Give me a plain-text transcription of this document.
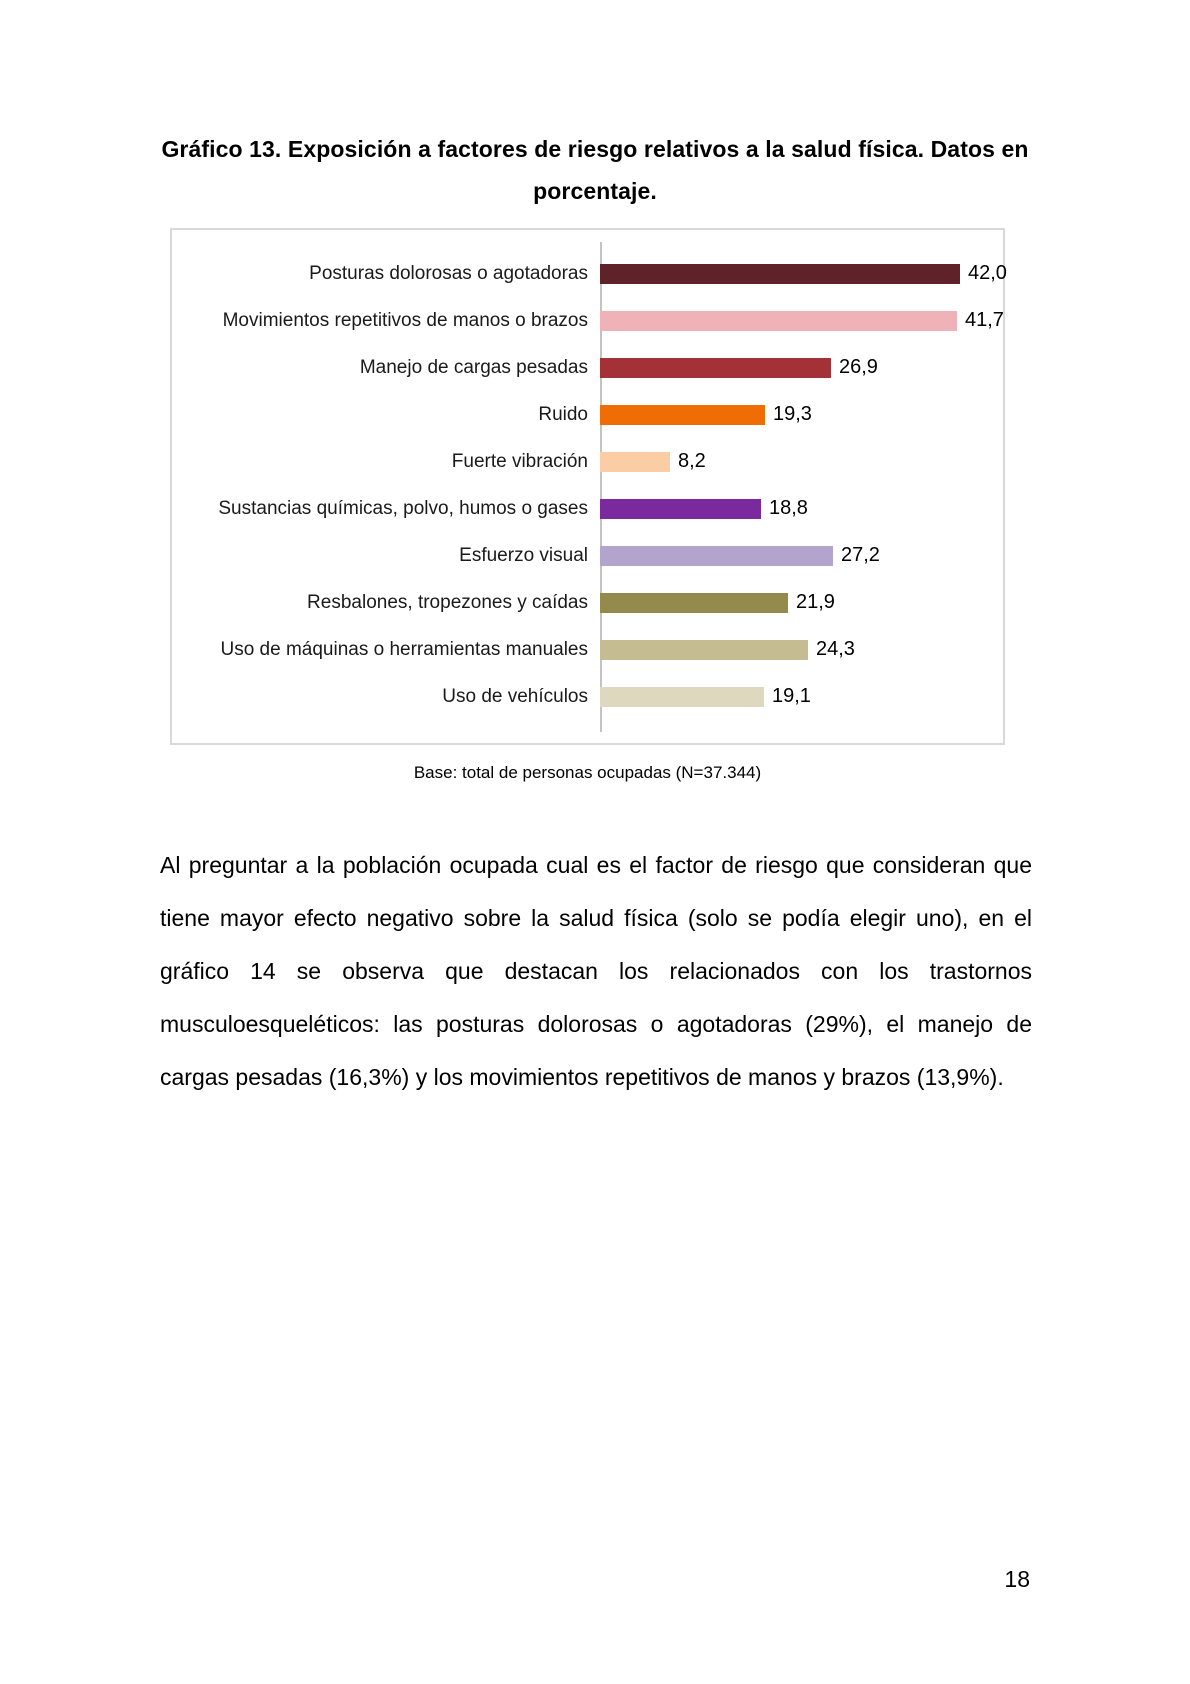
Gráfico 13. Exposición a factores de riesgo relativos a la salud física. Datos en
porcentaje.
Posturas dolorosas o agotadoras	42,0
Movimientos repetitivos de manos o brazos	41,7
Manejo de cargas pesadas	26,9
Ruido	19,3
Fuerte vibración	8,2
Sustancias químicas, polvo, humos o gases	18,8
Esfuerzo visual	27,2
Resbalones, tropezones y caídas	21,9
Uso de máquinas o herramientas manuales	24,3
Uso de vehículos	19,1
Base: total de personas ocupadas (N=37.344)

Al preguntar a la población ocupada cual es el factor de riesgo que consideran que tiene mayor efecto negativo sobre la salud física (solo se podía elegir uno), en el gráfico 14 se observa que destacan los relacionados con los trastornos musculoesqueléticos: las posturas dolorosas o agotadoras (29%), el manejo de cargas pesadas (16,3%) y los movimientos repetitivos de manos y brazos (13,9%).

18
